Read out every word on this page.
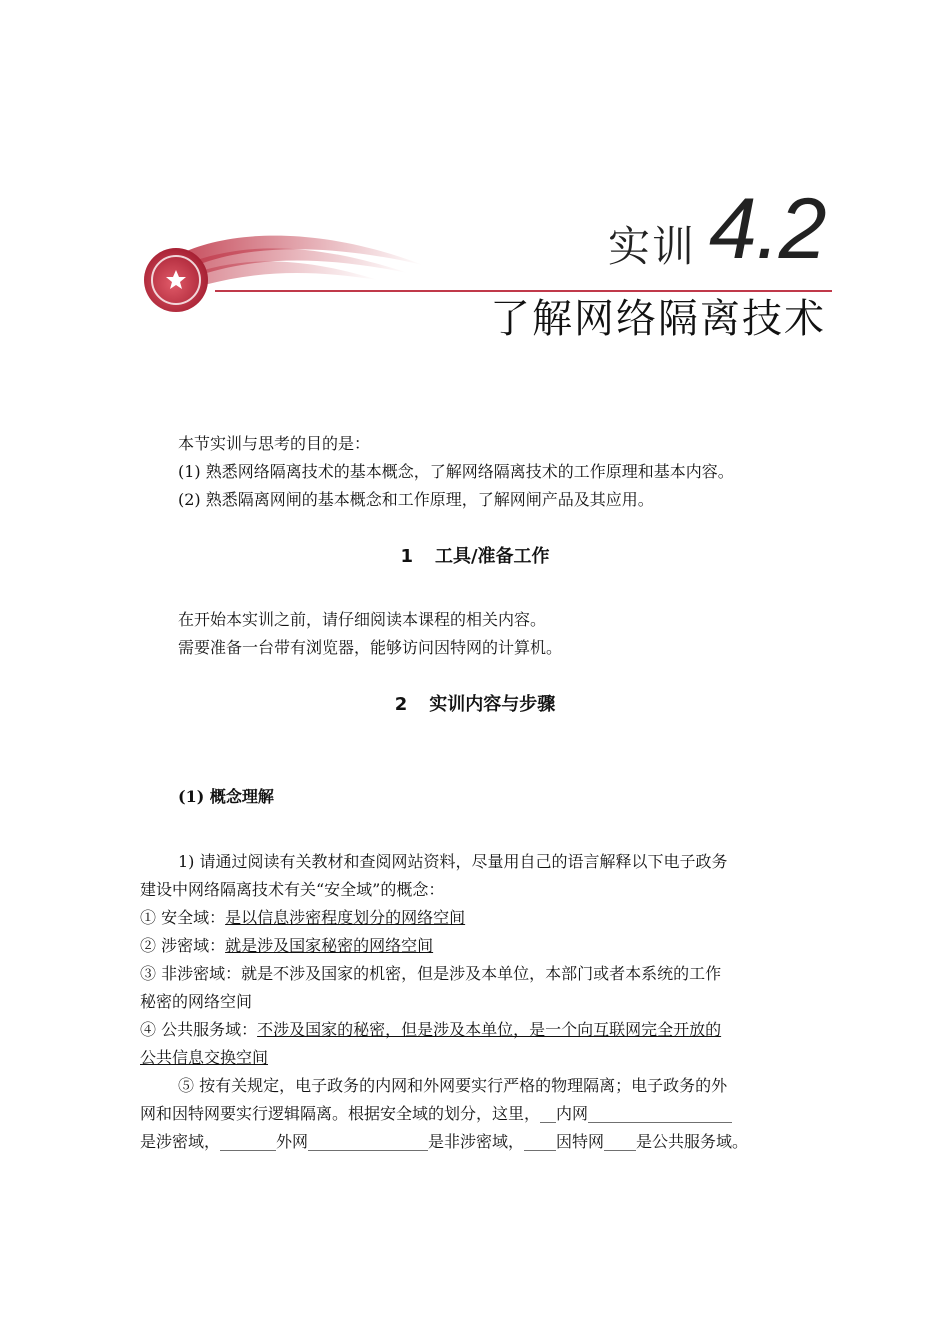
实训 4.2
了解网络隔离技术

本节实训与思考的目的是：

(1) 熟悉网络隔离技术的基本概念，了解网络隔离技术的工作原理和基本内容。

(2) 熟悉隔离网闸的基本概念和工作原理，了解网闸产品及其应用。

1 工具/准备工作

在开始本实训之前，请仔细阅读本课程的相关内容。

需要准备一台带有浏览器，能够访问因特网的计算机。

2 实训内容与步骤
(1) 概念理解

1) 请通过阅读有关教材和查阅网站资料，尽量用自己的语言解释以下电子政务

建设中网络隔离技术有关“安全域”的概念：

① 安全域：是以信息涉密程度划分的网络空间

② 涉密域：就是涉及国家秘密的网络空间

③ 非涉密域：就是不涉及国家的机密，但是涉及本单位，本部门或者本系统的工作

秘密的网络空间

④ 公共服务域：不涉及国家的秘密，但是涉及本单位，是一个向互联网完全开放的

公共信息交换空间

⑤ 按有关规定，电子政务的内网和外网要实行严格的物理隔离；电子政务的外

网和因特网要实行逻辑隔离。根据安全域的划分，这里，__内网__________________

是涉密域，_______外网_______________是非涉密域，____因特网____是公共服务域。
